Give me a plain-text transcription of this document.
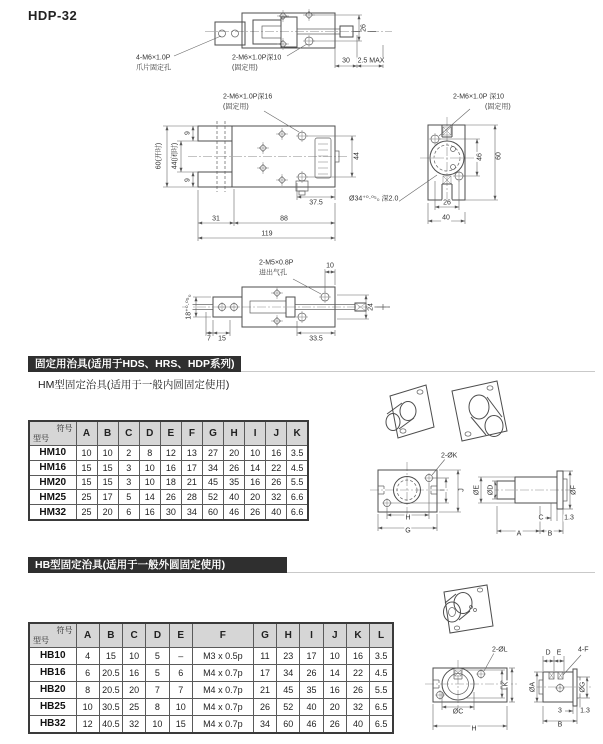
HDP-32
4-M6×1.0P
爪片固定孔
2-M6×1.0P深10
(固定用)
30 2.5 MAX
26
2-M6×1.0P深16
(固定用)
60(开时) 44(闭时)
9
9
44
37.5
31	88
119
2-M6×1.0P 深10
(固定用)
46 60
26
40
Ø34⁺⁰·⁰⁵₀ 深2.0
2-M5×0.8P
进出气孔
10
24
18⁺⁰·⁰⁵₀
7 15	33.5
2-ØK
H
G
I J ØE ØD	ØF
C	1.3
A	B
2-ØL
K
ØC
H
D E 4-F
ØA	ØG
3	1.3
B
固定用治具(适用于HDS、HRS、HDP系列)
HM型固定治具(适用于一般内圆固定使用)
符号
型号	A	B	C	D	E	F	G	H	I	J	K
HM10	10	10	2	8	12	13	27	20	10	16	3.5
HM16	15	15	3	10	16	17	34	26	14	22	4.5
HM20	15	15	3	10	18	21	45	35	16	26	5.5
HM25	25	17	5	14	26	28	52	40	20	32	6.6
HM32	25	20	6	16	30	34	60	46	26	40	6.6
HB型固定治具(适用于一般外圆固定使用)
符号
型号	A	B	C	D	E	F	G	H	I	J	K	L
HB10	4	15	10	5	–	M3 x 0.5p	11	23	17	10	16	3.5
HB16	6	20.5	16	5	6	M4 x 0.7p	17	34	26	14	22	4.5
HB20	8	20.5	20	7	7	M4 x 0.7p	21	45	35	16	26	5.5
HB25	10	30.5	25	8	10	M4 x 0.7p	26	52	40	20	32	6.5
HB32	12	40.5	32	10	15	M4 x 0.7p	34	60	46	26	40	6.5
